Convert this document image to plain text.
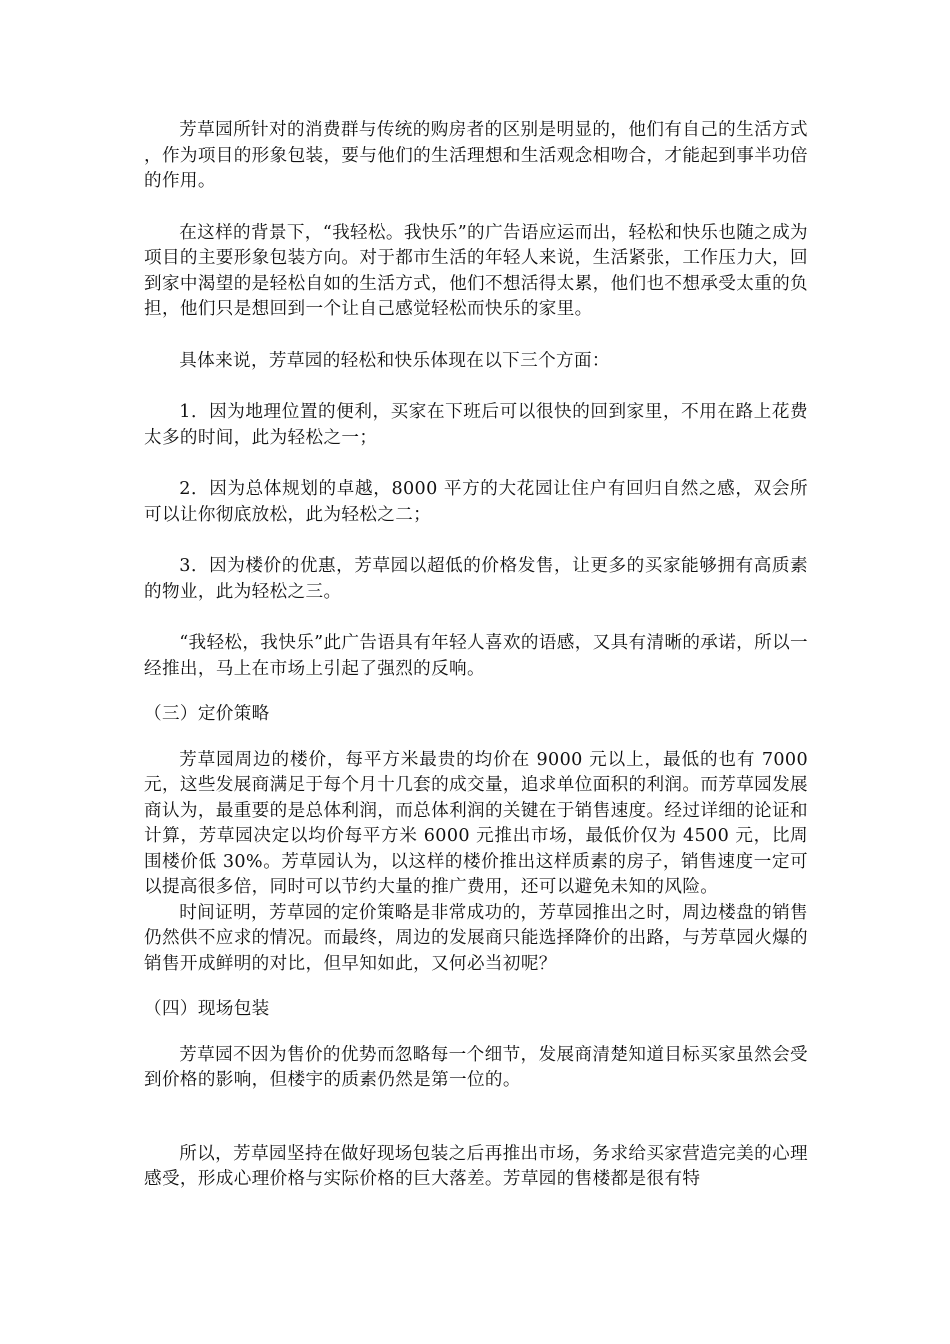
芳草园所针对的消费群与传统的购房者的区别是明显的，他们有自己的生活方式，作为项目的形象包装，要与他们的生活理想和生活观念相吻合，才能起到事半功倍的作用。

在这样的背景下，“我轻松。我快乐”的广告语应运而出，轻松和快乐也随之成为项目的主要形象包装方向。对于都市生活的年轻人来说，生活紧张，工作压力大，回到家中渴望的是轻松自如的生活方式，他们不想活得太累，他们也不想承受太重的负担，他们只是想回到一个让自己感觉轻松而快乐的家里。

具体来说，芳草园的轻松和快乐体现在以下三个方面：

1．因为地理位置的便利，买家在下班后可以很快的回到家里，不用在路上花费太多的时间，此为轻松之一；

2．因为总体规划的卓越，8000 平方的大花园让住户有回归自然之感，双会所可以让你彻底放松，此为轻松之二；

3．因为楼价的优惠，芳草园以超低的价格发售，让更多的买家能够拥有高质素的物业，此为轻松之三。

“我轻松，我快乐”此广告语具有年轻人喜欢的语感，又具有清晰的承诺，所以一经推出，马上在市场上引起了强烈的反响。

（三）定价策略

芳草园周边的楼价，每平方米最贵的均价在 9000 元以上，最低的也有 7000 元，这些发展商满足于每个月十几套的成交量，追求单位面积的利润。而芳草园发展商认为，最重要的是总体利润，而总体利润的关键在于销售速度。经过详细的论证和计算，芳草园决定以均价每平方米 6000 元推出市场，最低价仅为 4500 元，比周围楼价低 30%。芳草园认为，以这样的楼价推出这样质素的房子，销售速度一定可以提高很多倍，同时可以节约大量的推广费用，还可以避免未知的风险。

时间证明，芳草园的定价策略是非常成功的，芳草园推出之时，周边楼盘的销售仍然供不应求的情况。而最终，周边的发展商只能选择降价的出路，与芳草园火爆的销售开成鲜明的对比，但早知如此，又何必当初呢？

（四）现场包装

芳草园不因为售价的优势而忽略每一个细节，发展商清楚知道目标买家虽然会受到价格的影响，但楼宇的质素仍然是第一位的。

所以，芳草园坚持在做好现场包装之后再推出市场，务求给买家营造完美的心理感受，形成心理价格与实际价格的巨大落差。芳草园的售楼都是很有特
